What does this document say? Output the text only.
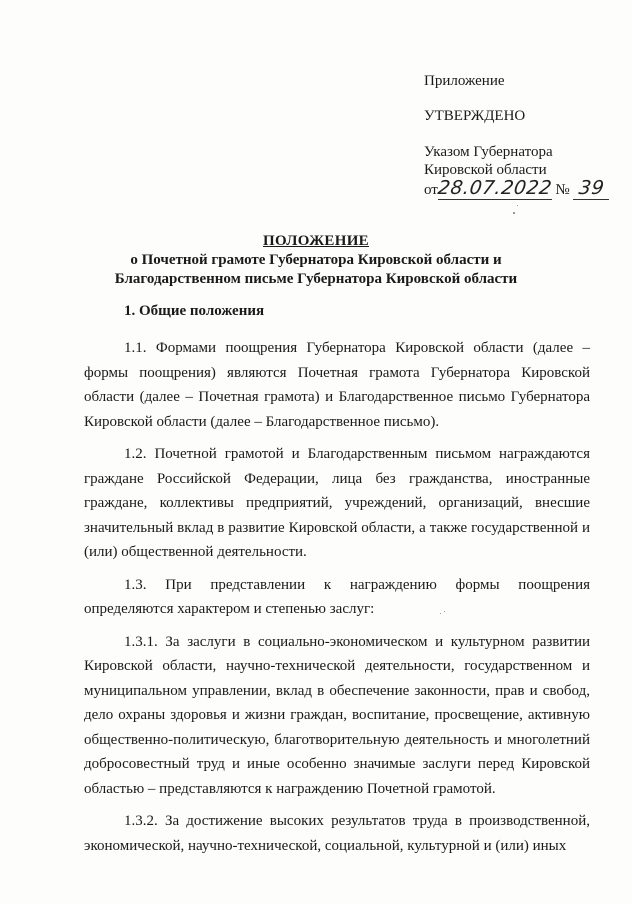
Приложение
УТВЕРЖДЕНО
Указом Губернатора
Кировской области
от28.07.2022 № 39
ПОЛОЖЕНИЕ
о Почетной грамоте Губернатора Кировской области и
Благодарственном письме Губернатора Кировской области
1. Общие положения

1.1. Формами поощрения Губернатора Кировской области (далее – формы поощрения) являются Почетная грамота Губернатора Кировской области (далее – Почетная грамота) и Благодарственное письмо Губернатора Кировской области (далее – Благодарственное письмо).

1.2. Почетной грамотой и Благодарственным письмом награждаются граждане Российской Федерации, лица без гражданства, иностранные граждане, коллективы предприятий, учреждений, организаций, внесшие значительный вклад в развитие Кировской области, а также государственной и (или) общественной деятельности.

1.3. При представлении к награждению формы поощрения определяются характером и степенью заслуг:

1.3.1. За заслуги в социально-экономическом и культурном развитии Кировской области, научно-технической деятельности, государственном и муниципальном управлении, вклад в обеспечение законности, прав и свобод, дело охраны здоровья и жизни граждан, воспитание, просвещение, активную общественно-политическую, благотворительную деятельность и многолетний добросовестный труд и иные особенно значимые заслуги перед Кировской областью – представляются к награждению Почетной грамотой.

1.3.2. За достижение высоких результатов труда в производственной, экономической, научно-технической, социальной, культурной и (или) иных
